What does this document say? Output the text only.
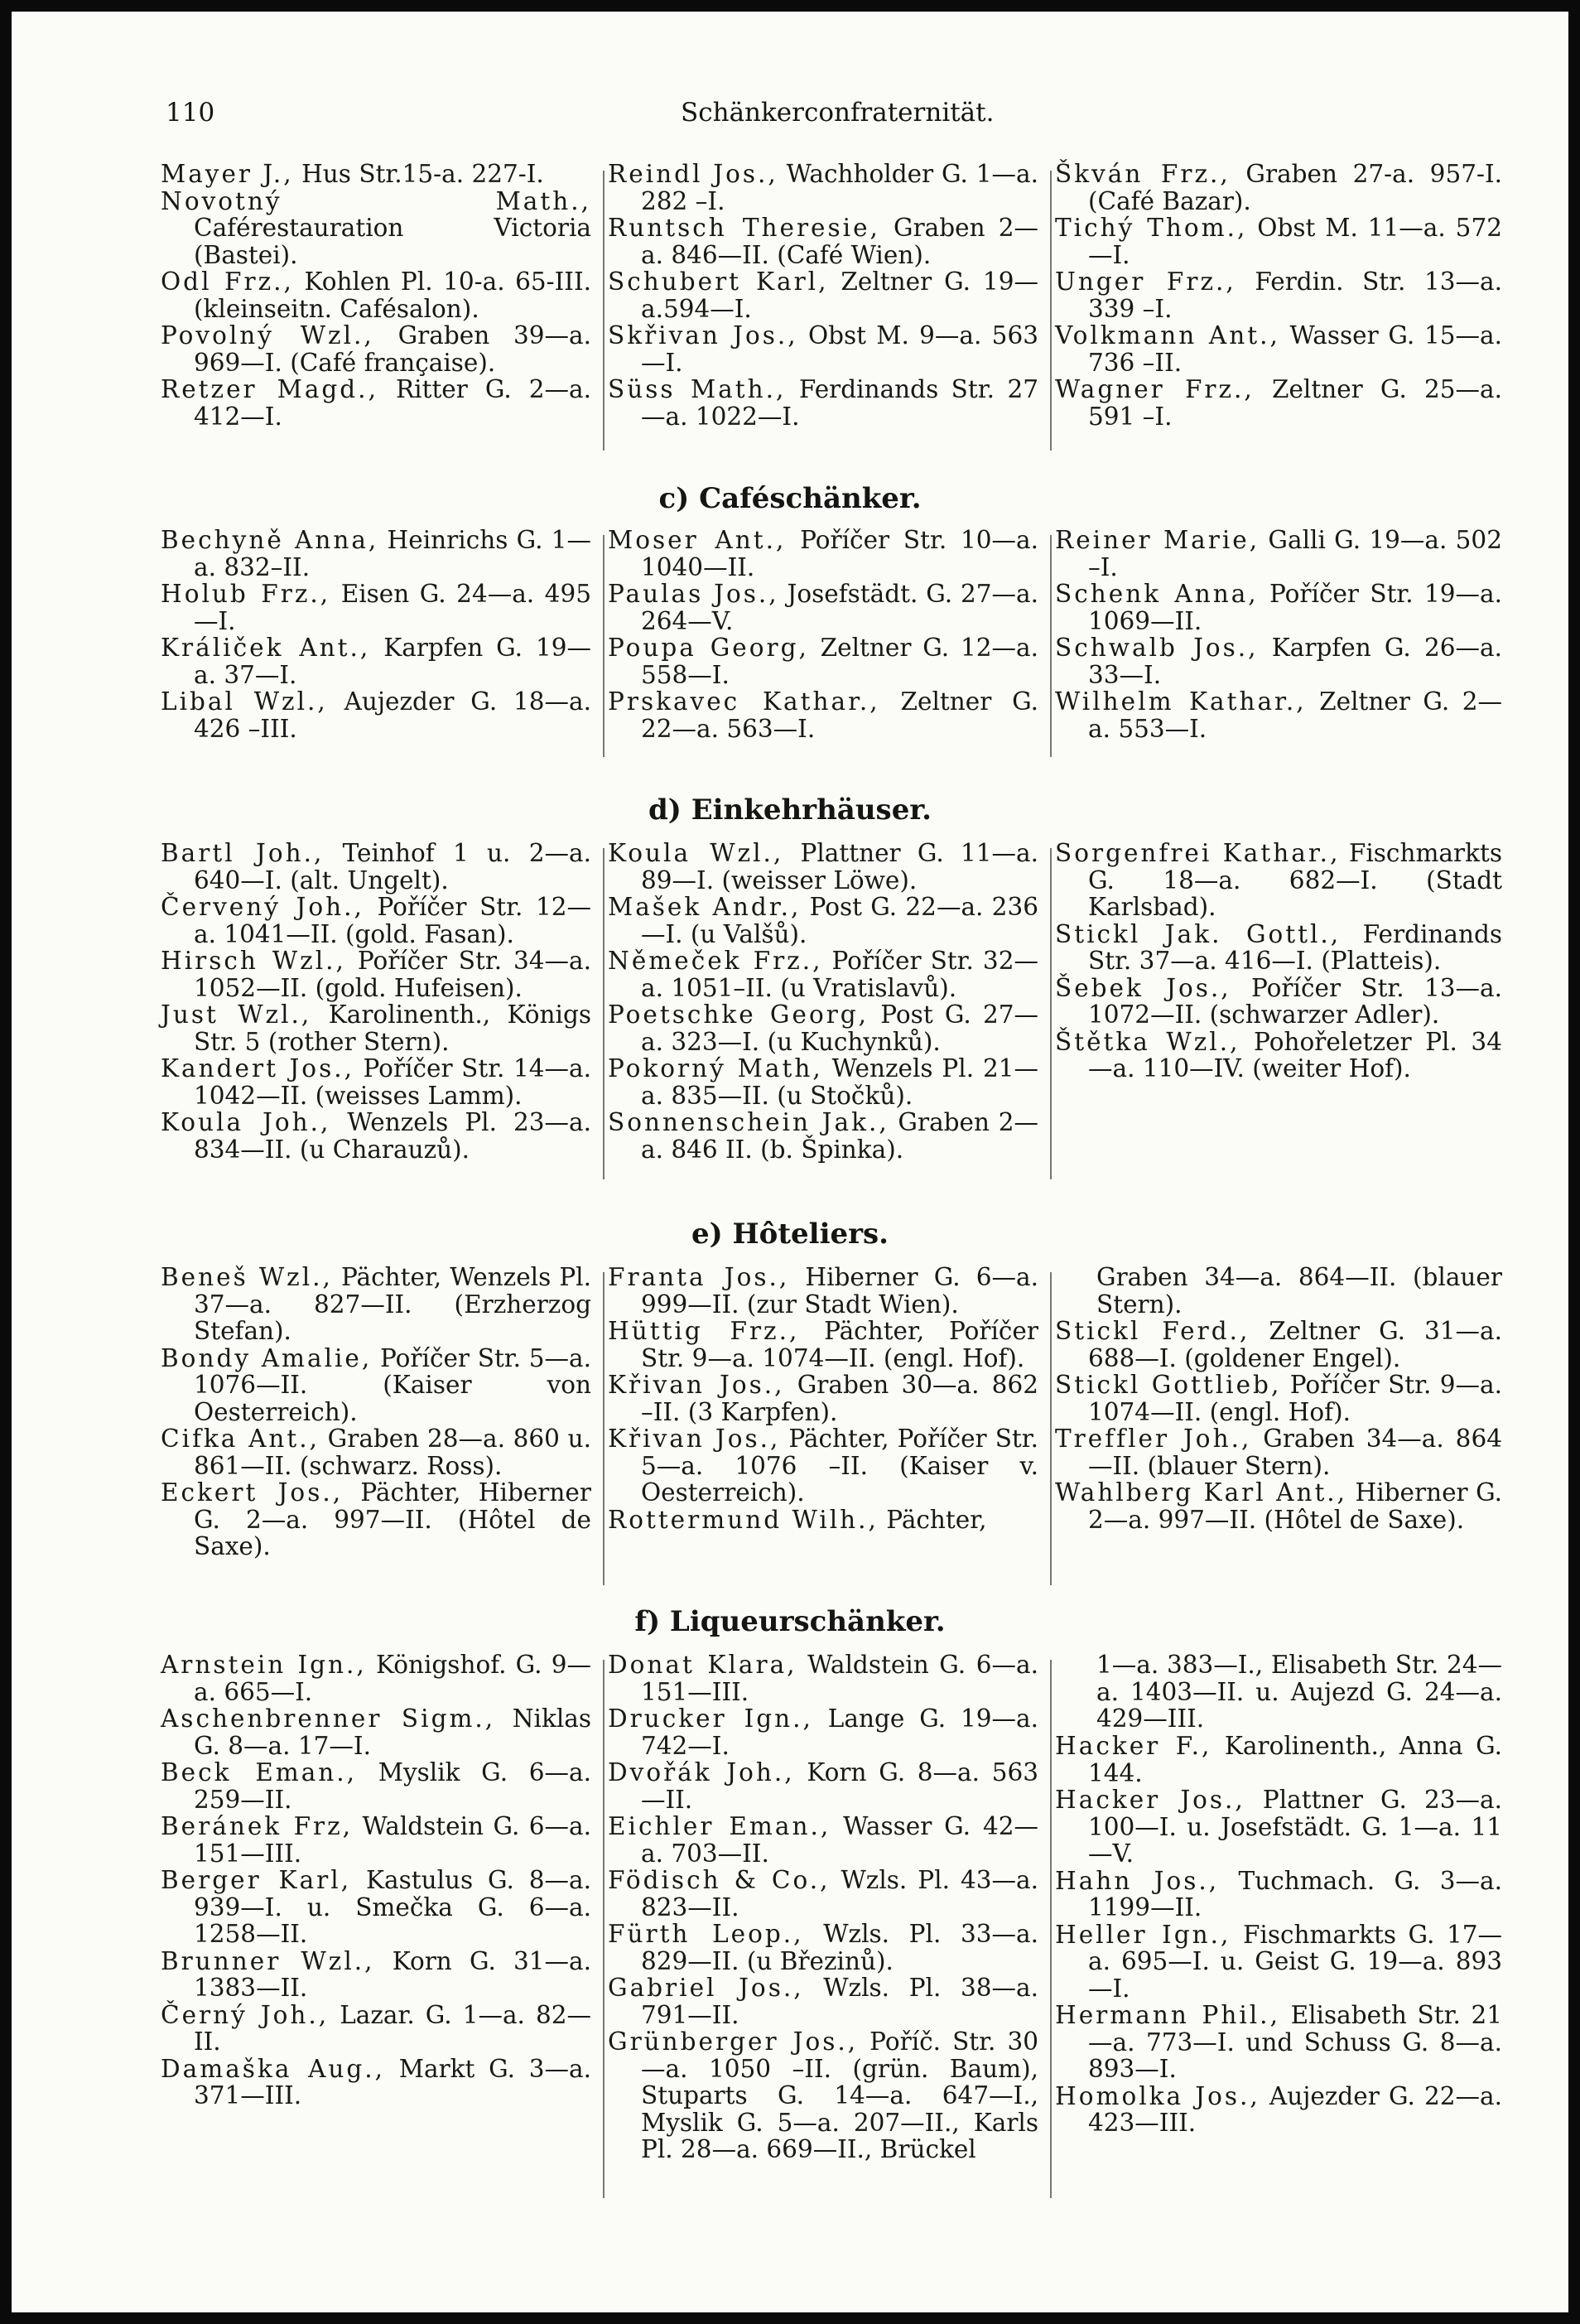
110	Schänkerconfraternität.
Mayer J., Hus Str.15-a. 227-I.
Novotný Math., Caférestauration Victoria (Bastei).
Odl Frz., Kohlen Pl. 10-a. 65-III. (kleinseitn. Cafésalon).
Povolný Wzl., Graben 39—a. 969—I. (Café française).
Retzer Magd., Ritter G. 2—a. 412—I.
Reindl Jos., Wachholder G. 1—a. 282 –I.
Runtsch Theresie, Graben 2—a. 846—II. (Café Wien).
Schubert Karl, Zeltner G. 19—a.594—I.
Skřivan Jos., Obst M. 9—a. 563—I.
Süss Math., Ferdinands Str. 27—a. 1022—I.
Škván Frz., Graben 27-a. 957-I. (Café Bazar).
Tichý Thom., Obst M. 11—a. 572—I.
Unger Frz., Ferdin. Str. 13—a. 339 –I.
Volkmann Ant., Wasser G. 15—a. 736 –II.
Wagner Frz., Zeltner G. 25—a. 591 –I.
c) Caféschänker.
Bechyně Anna, Heinrichs G. 1—a. 832–II.
Holub Frz., Eisen G. 24—a. 495—I.
Králiček Ant., Karpfen G. 19—a. 37—I.
Libal Wzl., Aujezder G. 18—a. 426 –III.
Moser Ant., Poříčer Str. 10—a. 1040—II.
Paulas Jos., Josefstädt. G. 27—a. 264—V.
Poupa Georg, Zeltner G. 12—a. 558—I.
Prskavec Kathar., Zeltner G. 22—a. 563—I.
Reiner Marie, Galli G. 19—a. 502 –I.
Schenk Anna, Poříčer Str. 19—a. 1069—II.
Schwalb Jos., Karpfen G. 26—a. 33—I.
Wilhelm Kathar., Zeltner G. 2—a. 553—I.
d) Einkehrhäuser.
Bartl Joh., Teinhof 1 u. 2—a. 640—I. (alt. Ungelt).
Červený Joh., Poříčer Str. 12—a. 1041—II. (gold. Fasan).
Hirsch Wzl., Poříčer Str. 34—a. 1052—II. (gold. Hufeisen).
Just Wzl., Karolinenth., Königs Str. 5 (rother Stern).
Kandert Jos., Poříčer Str. 14—a. 1042—II. (weisses Lamm).
Koula Joh., Wenzels Pl. 23—a. 834—II. (u Charauzů).
Koula Wzl., Plattner G. 11—a. 89—I. (weisser Löwe).
Mašek Andr., Post G. 22—a. 236—I. (u Valšů).
Němeček Frz., Poříčer Str. 32—a. 1051–II. (u Vratislavů).
Poetschke Georg, Post G. 27—a. 323—I. (u Kuchynků).
Pokorný Math, Wenzels Pl. 21—a. 835—II. (u Stočků).
Sonnenschein Jak., Graben 2—a. 846 II. (b. Špinka).
Sorgenfrei Kathar., Fischmarkts G. 18—a. 682—I. (Stadt Karlsbad).
Stickl Jak. Gottl., Ferdinands Str. 37—a. 416—I. (Platteis).
Šebek Jos., Poříčer Str. 13—a. 1072—II. (schwarzer Adler).
Štětka Wzl., Pohořeletzer Pl. 34—a. 110—IV. (weiter Hof).
e) Hôteliers.
Beneš Wzl., Pächter, Wenzels Pl. 37—a. 827—II. (Erzherzog Stefan).
Bondy Amalie, Poříčer Str. 5—a. 1076—II. (Kaiser von Oesterreich).
Cifka Ant., Graben 28—a. 860 u. 861—II. (schwarz. Ross).
Eckert Jos., Pächter, Hiberner G. 2—a. 997—II. (Hôtel de Saxe).
Franta Jos., Hiberner G. 6—a. 999—II. (zur Stadt Wien).
Hüttig Frz., Pächter, Poříčer Str. 9—a. 1074—II. (engl. Hof).
Křivan Jos., Graben 30—a. 862 –II. (3 Karpfen).
Křivan Jos., Pächter, Poříčer Str. 5—a. 1076 –II. (Kaiser v. Oesterreich).
Rottermund Wilh., Pächter,
Graben 34—a. 864—II. (blauer Stern).
Stickl Ferd., Zeltner G. 31—a. 688—I. (goldener Engel).
Stickl Gottlieb, Poříčer Str. 9—a. 1074—II. (engl. Hof).
Treffler Joh., Graben 34—a. 864—II. (blauer Stern).
Wahlberg Karl Ant., Hiberner G. 2—a. 997—II. (Hôtel de Saxe).
f) Liqueurschänker.
Arnstein Ign., Königshof. G. 9—a. 665—I.
Aschenbrenner Sigm., Niklas G. 8—a. 17—I.
Beck Eman., Myslik G. 6—a. 259—II.
Beránek Frz, Waldstein G. 6—a. 151—III.
Berger Karl, Kastulus G. 8—a. 939—I. u. Smečka G. 6—a. 1258—II.
Brunner Wzl., Korn G. 31—a. 1383—II.
Černý Joh., Lazar. G. 1—a. 82—II.
Damaška Aug., Markt G. 3—a. 371—III.
Donat Klara, Waldstein G. 6—a. 151—III.
Drucker Ign., Lange G. 19—a. 742—I.
Dvořák Joh., Korn G. 8—a. 563—II.
Eichler Eman., Wasser G. 42—a. 703—II.
Födisch & Co., Wzls. Pl. 43—a. 823—II.
Fürth Leop., Wzls. Pl. 33—a. 829—II. (u Březinů).
Gabriel Jos., Wzls. Pl. 38—a. 791—II.
Grünberger Jos., Poříč. Str. 30—a. 1050 –II. (grün. Baum), Stuparts G. 14—a. 647—I., Myslik G. 5—a. 207—II., Karls Pl. 28—a. 669—II., Brückel
1—a. 383—I., Elisabeth Str. 24—a. 1403—II. u. Aujezd G. 24—a. 429—III.
Hacker F., Karolinenth., Anna G. 144.
Hacker Jos., Plattner G. 23—a. 100—I. u. Josefstädt. G. 1—a. 11—V.
Hahn Jos., Tuchmach. G. 3—a. 1199—II.
Heller Ign., Fischmarkts G. 17—a. 695—I. u. Geist G. 19—a. 893—I.
Hermann Phil., Elisabeth Str. 21—a. 773—I. und Schuss G. 8—a. 893—I.
Homolka Jos., Aujezder G. 22—a. 423—III.
